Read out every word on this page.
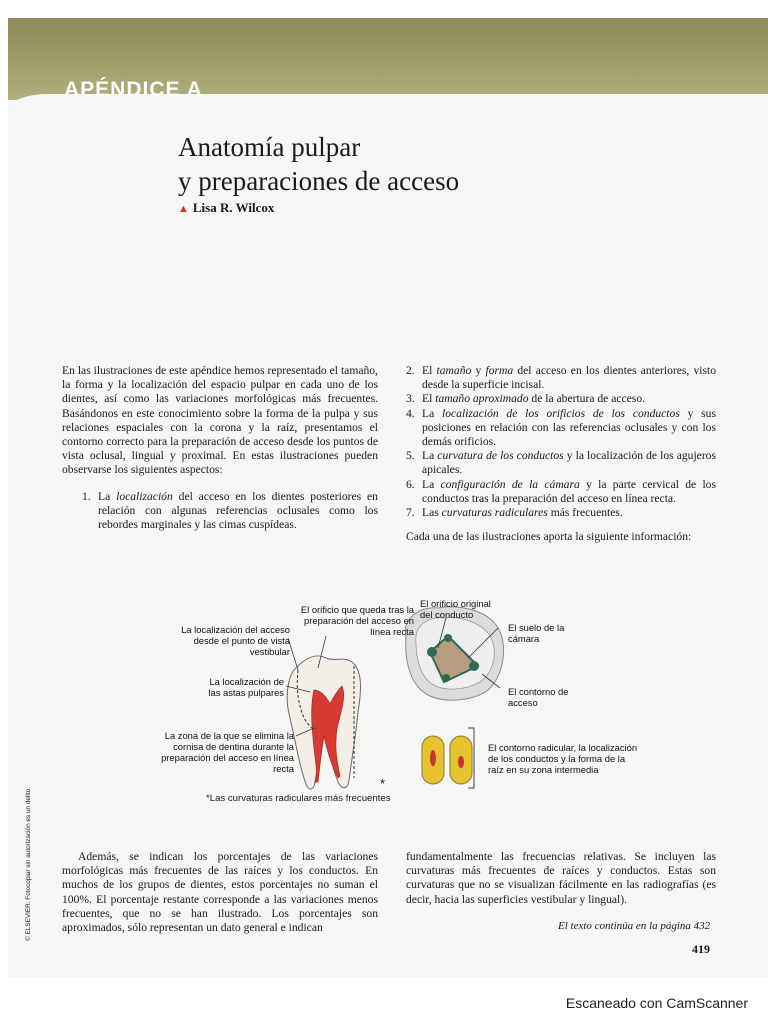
APÉNDICE A
Anatomía pulpar
y preparaciones de acceso
▲ Lisa R. Wilcox

En las ilustraciones de este apéndice hemos representado el tamaño, la forma y la localización del espacio pulpar en cada uno de los dientes, así como las variaciones morfológicas más frecuentes. Basándonos en este conocimiento sobre la forma de la pulpa y sus relaciones espaciales con la corona y la raíz, presentamos el contorno correcto para la preparación de acceso desde los puntos de vista oclusal, lingual y proximal. En estas ilustraciones pueden observarse los siguientes aspectos:

1. La localización del acceso en los dientes posteriores en relación con algunas referencias oclusales como los rebordes marginales y las cimas cuspídeas.
2. El tamaño y forma del acceso en los dientes anteriores, visto desde la superficie incisal.
3. El tamaño aproximado de la abertura de acceso.
4. La localización de los orificios de los conductos y sus posiciones en relación con las referencias oclusales y con los demás orificios.
5. La curvatura de los conductos y la localización de los agujeros apicales.
6. La configuración de la cámara y la parte cervical de los conductos tras la preparación del acceso en línea recta.
7. Las curvaturas radiculares más frecuentes.

Cada una de las ilustraciones aporta la siguiente información:

La localización del acceso desde el punto de vista vestibular
El orificio que queda tras la preparación del acceso en línea recta
El orificio original del conducto
El suelo de la cámara
La localización de las astas pulpares	El contorno de acceso
La zona de la que se elimina la cornisa de dentina durante la preparación del acceso en línea recta
El contorno radicular, la localización de los conductos y la forma de la raíz en su zona intermedia
*
*Las curvaturas radiculares más frecuentes

Además, se indican los porcentajes de las variaciones morfológicas más frecuentes de las raíces y los conductos. En muchos de los grupos de dientes, estos porcentajes no suman el 100%. El porcentaje restante corresponde a las variaciones menos frecuentes, que no se han ilustrado. Los porcentajes son aproximados, sólo representan un dato general e indican

fundamentalmente las frecuencias relativas. Se incluyen las curvaturas más frecuentes de raíces y conductos. Estas son curvaturas que no se visualizan fácilmente en las radiografías (es decir, hacia las superficies vestibular y lingual).

El texto continúa en la página 432
419
© ELSEVIER. Fotocopiar sin autorización es un delito.
Escaneado con CamScanner
